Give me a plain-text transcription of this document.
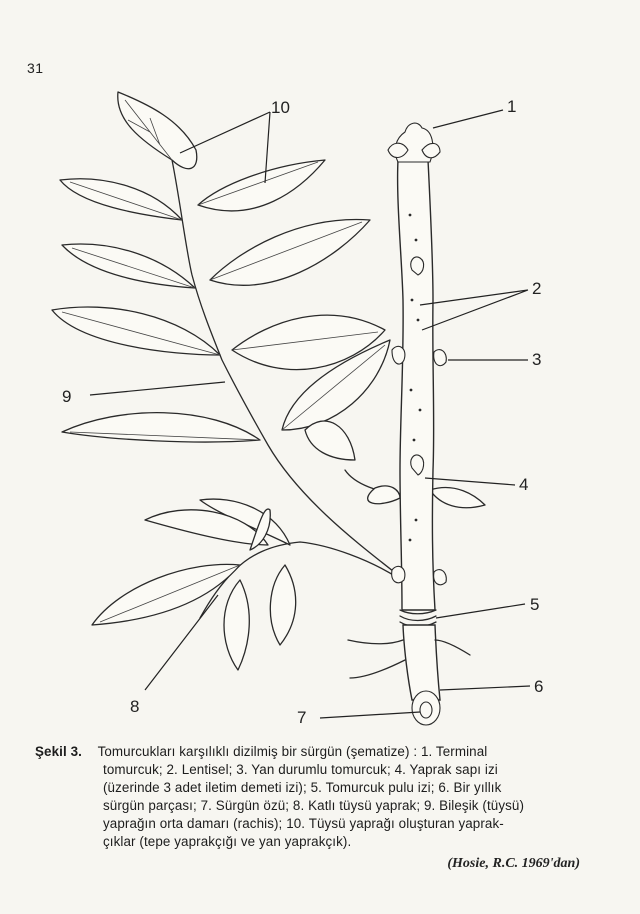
31
1
2
3
4
5
6
7
8
9
10
Şekil 3. Tomurcukları karşılıklı dizilmiş bir sürgün (şematize) : 1. Terminal
tomurcuk; 2. Lentisel; 3. Yan durumlu tomurcuk; 4. Yaprak sapı izi
(üzerinde 3 adet iletim demeti izi); 5. Tomurcuk pulu izi; 6. Bir yıllık
sürgün parçası; 7. Sürgün özü; 8. Katlı tüysü yaprak; 9. Bileşik (tüysü)
yaprağın orta damarı (rachis); 10. Tüysü yaprağı oluşturan yaprak-
çıklar (tepe yaprakçığı ve yan yaprakçık).
(Hosie, R.C. 1969'dan)
